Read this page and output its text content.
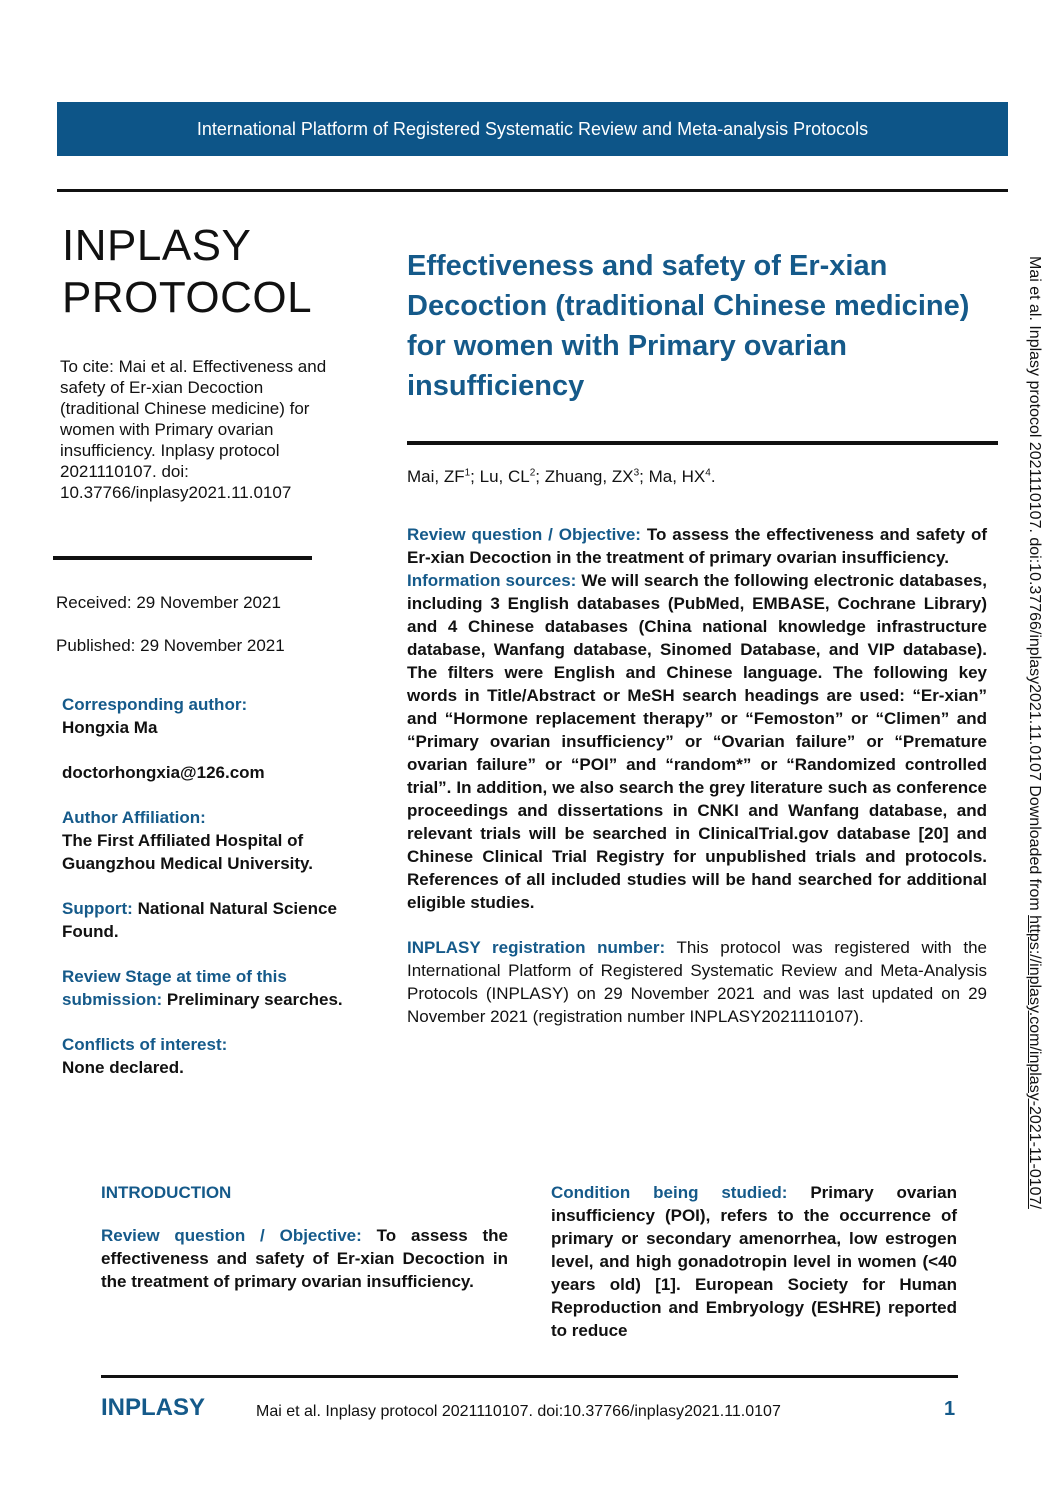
International Platform of Registered Systematic Review and Meta-analysis Protocols
INPLASY
PROTOCOL
To cite: Mai et al. Effectiveness and safety of Er-xian Decoction (traditional Chinese medicine) for women with Primary ovarian insufficiency. Inplasy protocol 2021110107. doi: 10.37766/inplasy2021.11.0107
Received: 29 November 2021
Published: 29 November 2021
Corresponding author:
Hongxia Ma
doctorhongxia@126.com
Author Affiliation:
The First Affiliated Hospital of Guangzhou Medical University.
Support: National Natural Science Found.
Review Stage at time of this submission: Preliminary searches.
Conflicts of interest:
None declared.
Effectiveness and safety of Er-xian Decoction (traditional Chinese medicine) for women with Primary ovarian insufficiency
Mai, $ZF^1$; Lu, $CL^2$; Zhuang, $ZX^3$; Ma, $HX^4$.

Review question / Objective: To assess the effectiveness and safety of Er-xian Decoction in the treatment of primary ovarian insufficiency.

Information sources: We will search the following electronic databases, including 3 English databases (PubMed, EMBASE, Cochrane Library) and 4 Chinese databases (China national knowledge infrastructure database, Wanfang database, Sinomed Database, and VIP database). The filters were English and Chinese language. The following key words in Title/Abstract or MeSH search headings are used: “Er-xian” and “Hormone replacement therapy” or “Femoston” or “Climen” and “Primary ovarian insufficiency” or “Ovarian failure” or “Premature ovarian failure” or “POI” and “random*” or “Randomized controlled trial”. In addition, we also search the grey literature such as conference proceedings and dissertations in CNKI and Wanfang database, and relevant trials will be searched in ClinicalTrial.gov database [20] and Chinese Clinical Trial Registry for unpublished trials and protocols. References of all included studies will be hand searched for additional eligible studies.

INPLASY registration number: This protocol was registered with the International Platform of Registered Systematic Review and Meta-Analysis Protocols (INPLASY) on 29 November 2021 and was last updated on 29 November 2021 (registration number INPLASY2021110107).

INTRODUCTION

Review question / Objective: To assess the effectiveness and safety of Er-xian Decoction in the treatment of primary ovarian insufficiency.

Condition being studied: Primary ovarian insufficiency (POI), refers to the occurrence of primary or secondary amenorrhea, low estrogen level, and high gonadotropin level in women (<40 years old) [1]. European Society for Human Reproduction and Embryology (ESHRE) reported to reduce

INPLASY	Mai et al. Inplasy protocol 2021110107. doi:10.37766/inplasy2021.11.0107	1
Mai et al. Inplasy protocol 2021110107. doi:10.37766/inplasy2021.11.0107 Downloaded from https://inplasy.com/inplasy-2021-11-0107/
